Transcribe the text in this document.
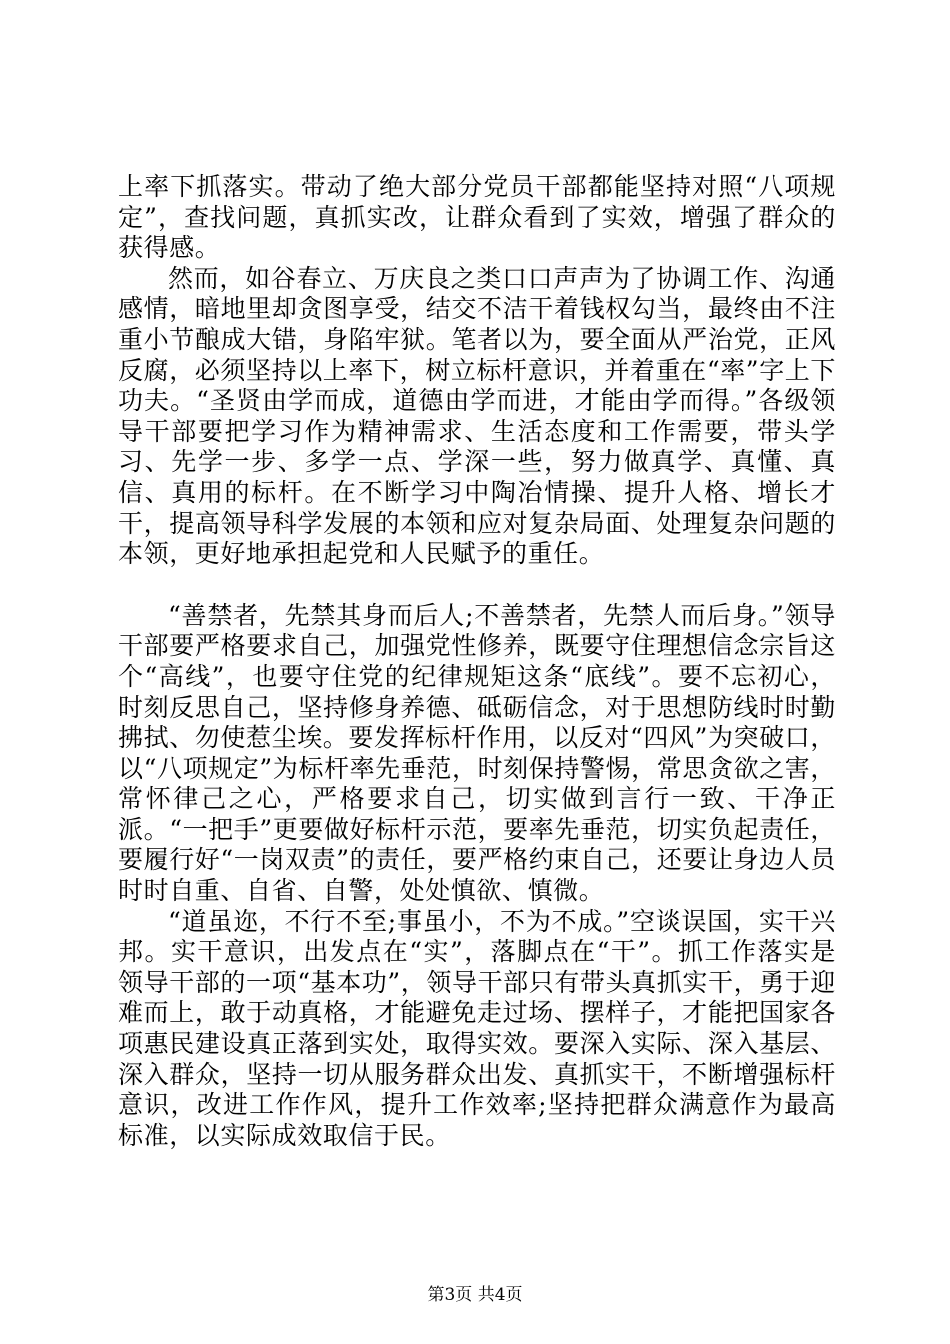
上率下抓落实。带动了绝大部分党员干部都能坚持对照“八项规定”，查找问题，真抓实改，让群众看到了实效，增强了群众的获得感。

然而，如谷春立、万庆良之类口口声声为了协调工作、沟通感情，暗地里却贪图享受，结交不洁干着钱权勾当，最终由不注重小节酿成大错，身陷牢狱。笔者以为，要全面从严治党，正风反腐，必须坚持以上率下，树立标杆意识，并着重在“率”字上下功夫。“圣贤由学而成，道德由学而进，才能由学而得。”各级领导干部要把学习作为精神需求、生活态度和工作需要，带头学习、先学一步、多学一点、学深一些，努力做真学、真懂、真信、真用的标杆。在不断学习中陶冶情操、提升人格、增长才干，提高领导科学发展的本领和应对复杂局面、处理复杂问题的本领，更好地承担起党和人民赋予的重任。

“善禁者，先禁其身而后人;不善禁者，先禁人而后身。”领导干部要严格要求自己，加强党性修养，既要守住理想信念宗旨这个“高线”，也要守住党的纪律规矩这条“底线”。要不忘初心，时刻反思自己，坚持修身养德、砥砺信念，对于思想防线时时勤拂拭、勿使惹尘埃。要发挥标杆作用，以反对“四风”为突破口，以“八项规定”为标杆率先垂范，时刻保持警惕，常思贪欲之害，常怀律己之心，严格要求自己，切实做到言行一致、干净正派。“一把手”更要做好标杆示范，要率先垂范，切实负起责任，要履行好“一岗双责”的责任，要严格约束自己，还要让身边人员时时自重、自省、自警，处处慎欲、慎微。

“道虽迩，不行不至;事虽小，不为不成。”空谈误国，实干兴邦。实干意识，出发点在“实”，落脚点在“干”。抓工作落实是领导干部的一项“基本功”，领导干部只有带头真抓实干，勇于迎难而上，敢于动真格，才能避免走过场、摆样子，才能把国家各项惠民建设真正落到实处，取得实效。要深入实际、深入基层、深入群众，坚持一切从服务群众出发、真抓实干，不断增强标杆意识，改进工作作风，提升工作效率;坚持把群众满意作为最高标准，以实际成效取信于民。

第3页 共4页
